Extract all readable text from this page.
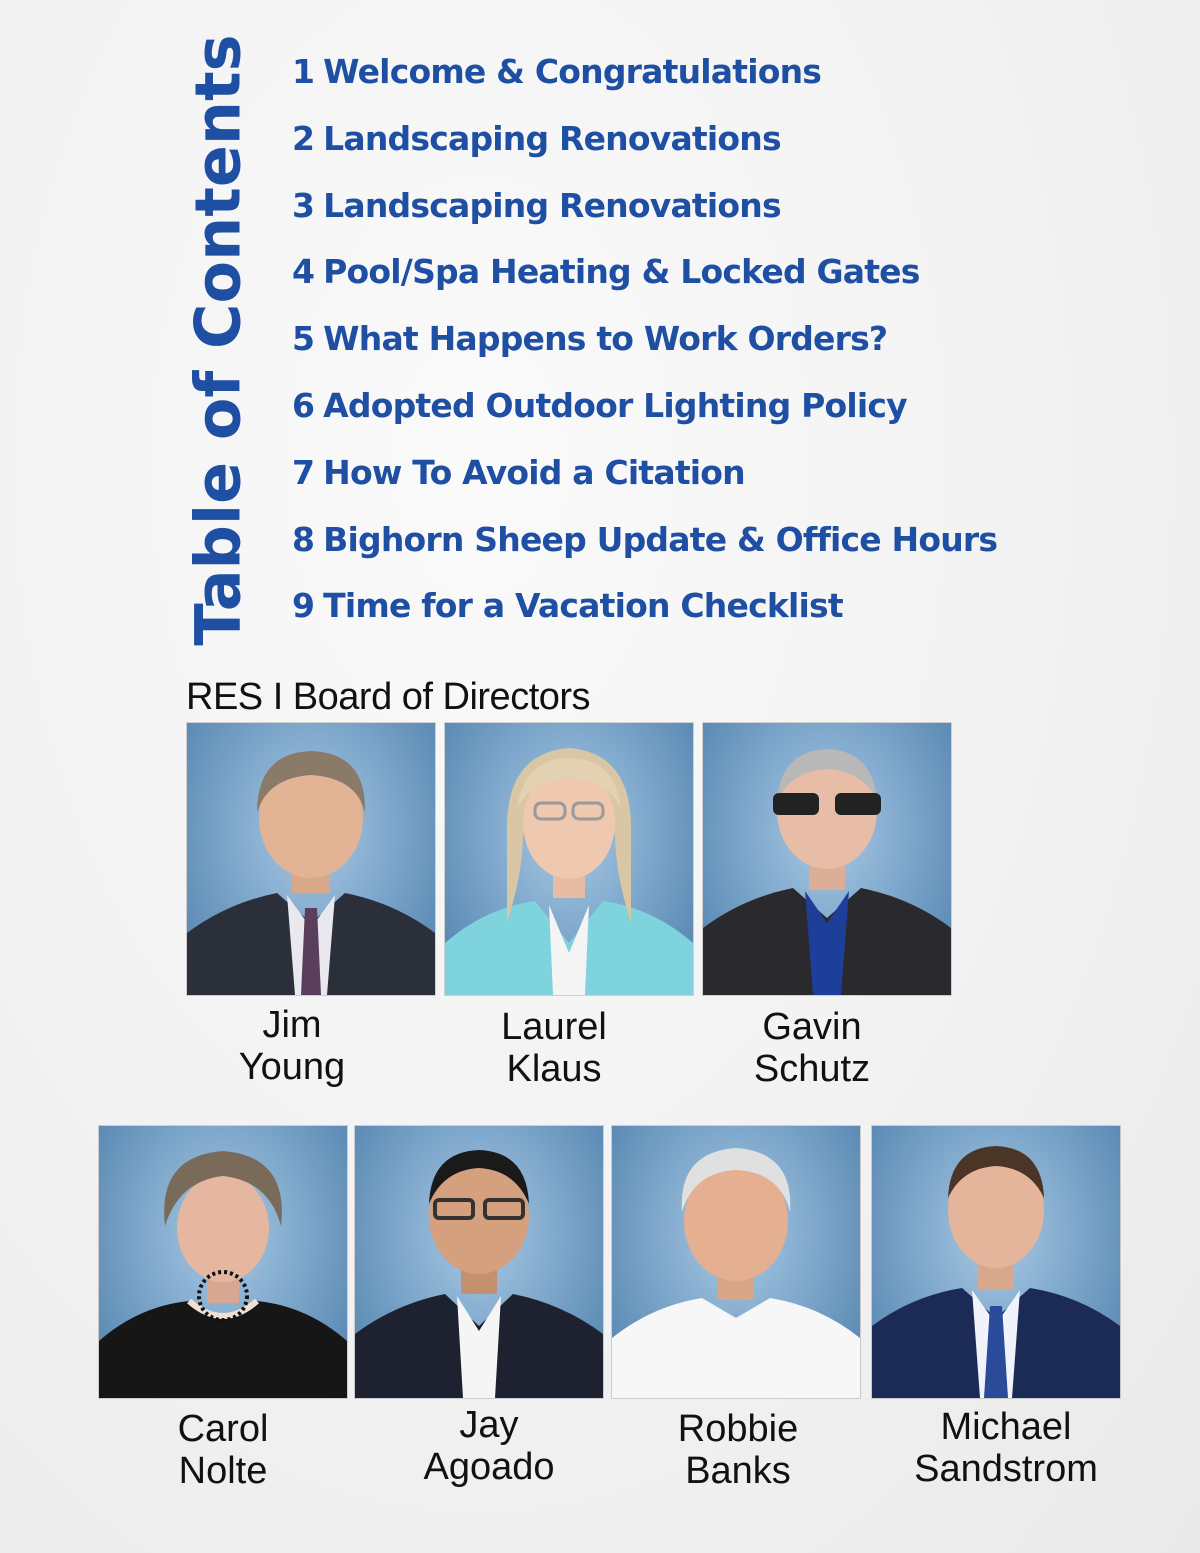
Table of Contents 1 Welcome & Congratulations
2 Landscaping Renovations
3 Landscaping Renovations
4 Pool/Spa Heating & Locked Gates
5 What Happens to Work Orders?
6 Adopted Outdoor Lighting Policy
7 How To Avoid a Citation
8 Bighorn Sheep Update & Office Hours
9 Time for a Vacation Checklist
RES I Board of Directors
Jim
Young
Laurel
Klaus
Gavin
Schutz
Carol
Nolte
Jay
Agoado
Robbie
Banks
Michael
Sandstrom
